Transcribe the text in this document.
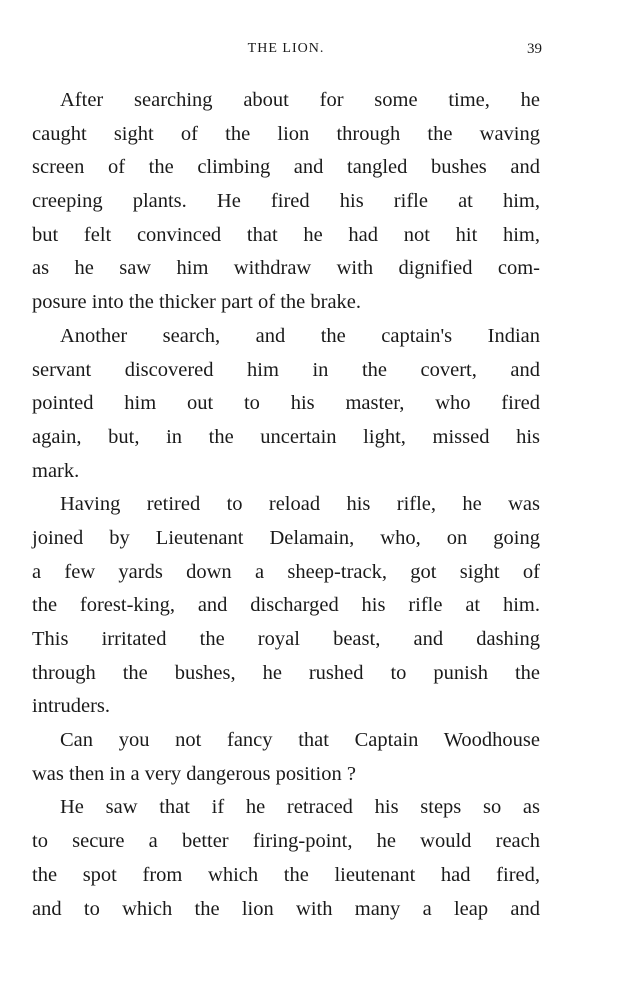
THE LION.	39
After searching about for some time, he
caught sight of the lion through the waving
screen of the climbing and tangled bushes and
creeping plants. He fired his rifle at him,
but felt convinced that he had not hit him,
as he saw him withdraw with dignified com-
posure into the thicker part of the brake.
Another search, and the captain's Indian
servant discovered him in the covert, and
pointed him out to his master, who fired
again, but, in the uncertain light, missed his
mark.
Having retired to reload his rifle, he was
joined by Lieutenant Delamain, who, on going
a few yards down a sheep-track, got sight of
the forest-king, and discharged his rifle at him.
This irritated the royal beast, and dashing
through the bushes, he rushed to punish the
intruders.
Can you not fancy that Captain Woodhouse
was then in a very dangerous position ?
He saw that if he retraced his steps so as
to secure a better firing-point, he would reach
the spot from which the lieutenant had fired,
and to which the lion with many a leap and
